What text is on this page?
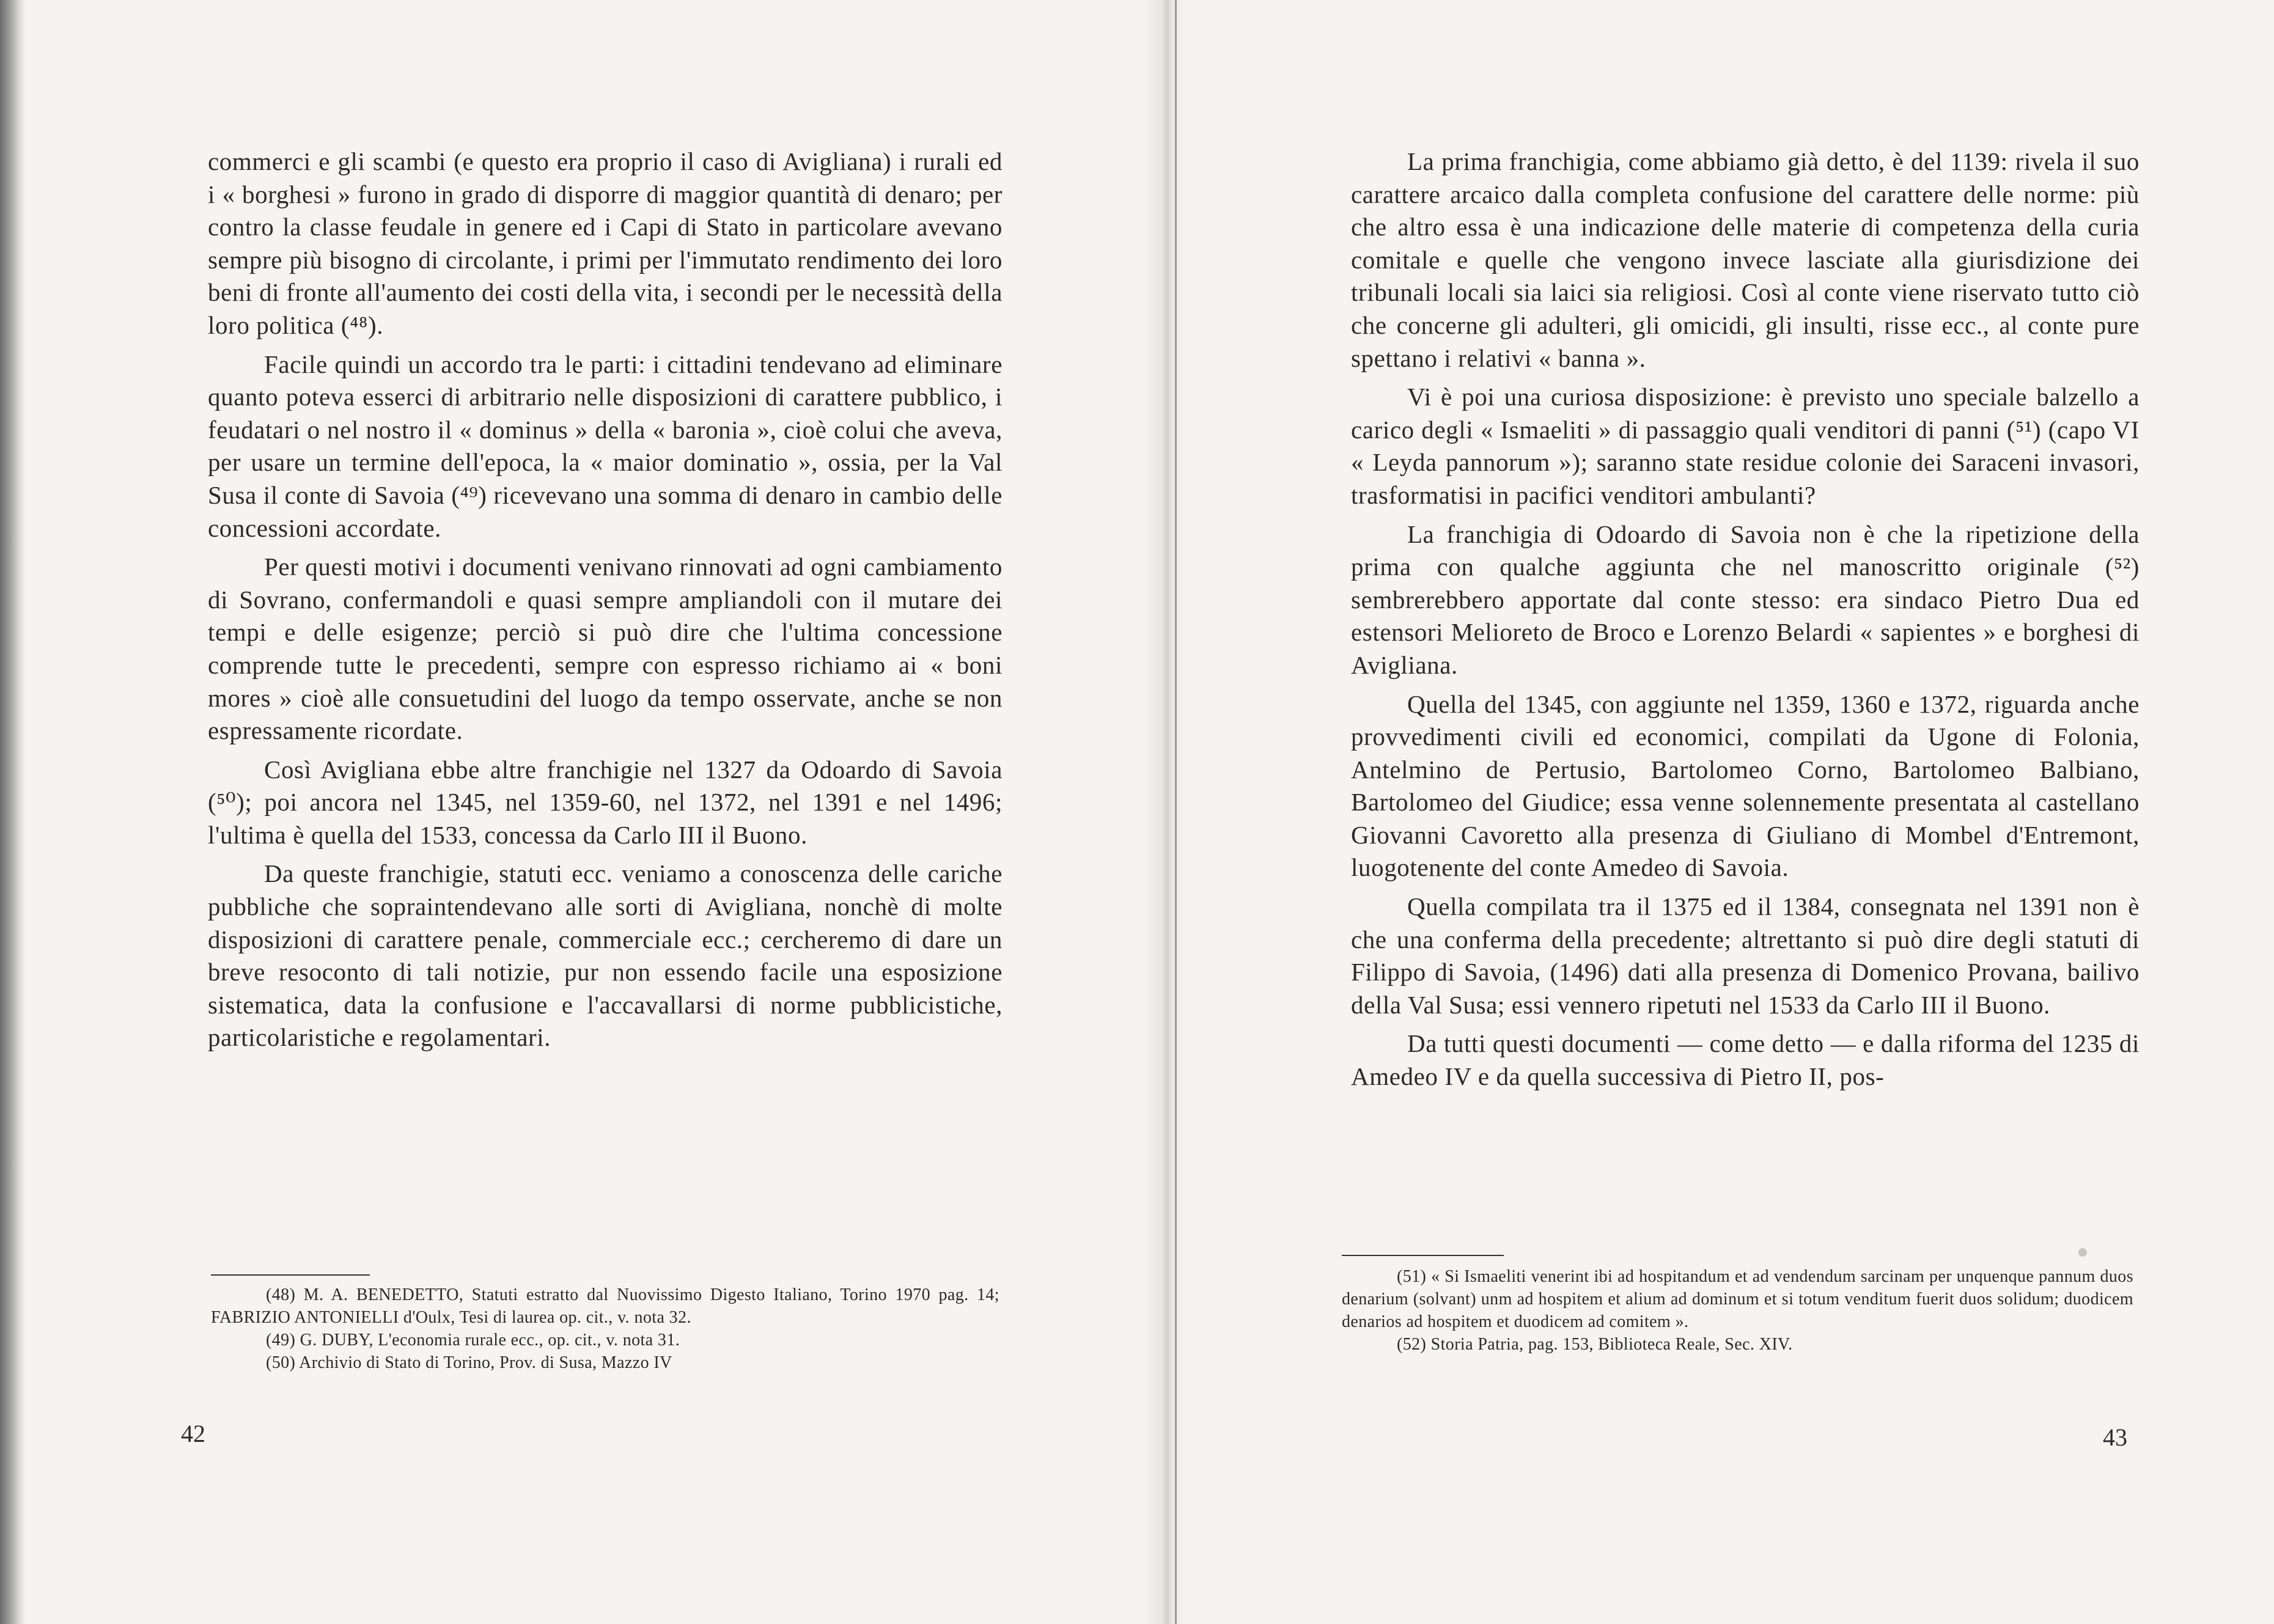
commerci e gli scambi (e questo era proprio il caso di Avigliana) i rurali ed i « borghesi » furono in grado di disporre di maggior quantità di denaro; per contro la classe feudale in genere ed i Capi di Stato in particolare avevano sempre più bisogno di circolante, i primi per l'immutato rendimento dei loro beni di fronte all'aumento dei costi della vita, i secondi per le necessità della loro politica (⁴⁸).

Facile quindi un accordo tra le parti: i cittadini tendevano ad eliminare quanto poteva esserci di arbitrario nelle disposizioni di carattere pubblico, i feudatari o nel nostro il « dominus » della « baronia », cioè colui che aveva, per usare un termine dell'epoca, la « maior dominatio », ossia, per la Val Susa il conte di Savoia (⁴⁹) ricevevano una somma di denaro in cambio delle concessioni accordate.

Per questi motivi i documenti venivano rinnovati ad ogni cambiamento di Sovrano, confermandoli e quasi sempre ampliandoli con il mutare dei tempi e delle esigenze; perciò si può dire che l'ultima concessione comprende tutte le precedenti, sempre con espresso richiamo ai « boni mores » cioè alle consuetudini del luogo da tempo osservate, anche se non espressamente ricordate.

Così Avigliana ebbe altre franchigie nel 1327 da Odoardo di Savoia (⁵⁰); poi ancora nel 1345, nel 1359-60, nel 1372, nel 1391 e nel 1496; l'ultima è quella del 1533, concessa da Carlo III il Buono.

Da queste franchigie, statuti ecc. veniamo a conoscenza delle cariche pubbliche che sopraintendevano alle sorti di Avigliana, nonchè di molte disposizioni di carattere penale, commerciale ecc.; cercheremo di dare un breve resoconto di tali notizie, pur non essendo facile una esposizione sistematica, data la confusione e l'accavallarsi di norme pubblicistiche, particolaristiche e regolamentari.

(48) M. A. BENEDETTO, Statuti estratto dal Nuovissimo Digesto Italiano, Torino 1970 pag. 14; FABRIZIO ANTONIELLI d'Oulx, Tesi di laurea op. cit., v. nota 32.

(49) G. DUBY, L'economia rurale ecc., op. cit., v. nota 31.

(50) Archivio di Stato di Torino, Prov. di Susa, Mazzo IV

42

La prima franchigia, come abbiamo già detto, è del 1139: rivela il suo carattere arcaico dalla completa confusione del carattere delle norme: più che altro essa è una indicazione delle materie di competenza della curia comitale e quelle che vengono invece lasciate alla giurisdizione dei tribunali locali sia laici sia religiosi. Così al conte viene riservato tutto ciò che concerne gli adulteri, gli omicidi, gli insulti, risse ecc., al conte pure spettano i relativi « banna ».

Vi è poi una curiosa disposizione: è previsto uno speciale balzello a carico degli « Ismaeliti » di passaggio quali venditori di panni (⁵¹) (capo VI « Leyda pannorum »); saranno state residue colonie dei Saraceni invasori, trasformatisi in pacifici venditori ambulanti?

La franchigia di Odoardo di Savoia non è che la ripetizione della prima con qualche aggiunta che nel manoscritto originale (⁵²) sembrerebbero apportate dal conte stesso: era sindaco Pietro Dua ed estensori Melioreto de Broco e Lorenzo Belardi « sapientes » e borghesi di Avigliana.

Quella del 1345, con aggiunte nel 1359, 1360 e 1372, riguarda anche provvedimenti civili ed economici, compilati da Ugone di Folonia, Antelmino de Pertusio, Bartolomeo Corno, Bartolomeo Balbiano, Bartolomeo del Giudice; essa venne solennemente presentata al castellano Giovanni Cavoretto alla presenza di Giuliano di Mombel d'Entremont, luogotenente del conte Amedeo di Savoia.

Quella compilata tra il 1375 ed il 1384, consegnata nel 1391 non è che una conferma della precedente; altrettanto si può dire degli statuti di Filippo di Savoia, (1496) dati alla presenza di Domenico Provana, bailivo della Val Susa; essi vennero ripetuti nel 1533 da Carlo III il Buono.

Da tutti questi documenti — come detto — e dalla riforma del 1235 di Amedeo IV e da quella successiva di Pietro II, pos-

(51) « Si Ismaeliti venerint ibi ad hospitandum et ad vendendum sarcinam per unquenque pannum duos denarium (solvant) unm ad hospitem et alium ad dominum et si totum venditum fuerit duos solidum; duodicem denarios ad hospitem et duodicem ad comitem ».

(52) Storia Patria, pag. 153, Biblioteca Reale, Sec. XIV.

43
